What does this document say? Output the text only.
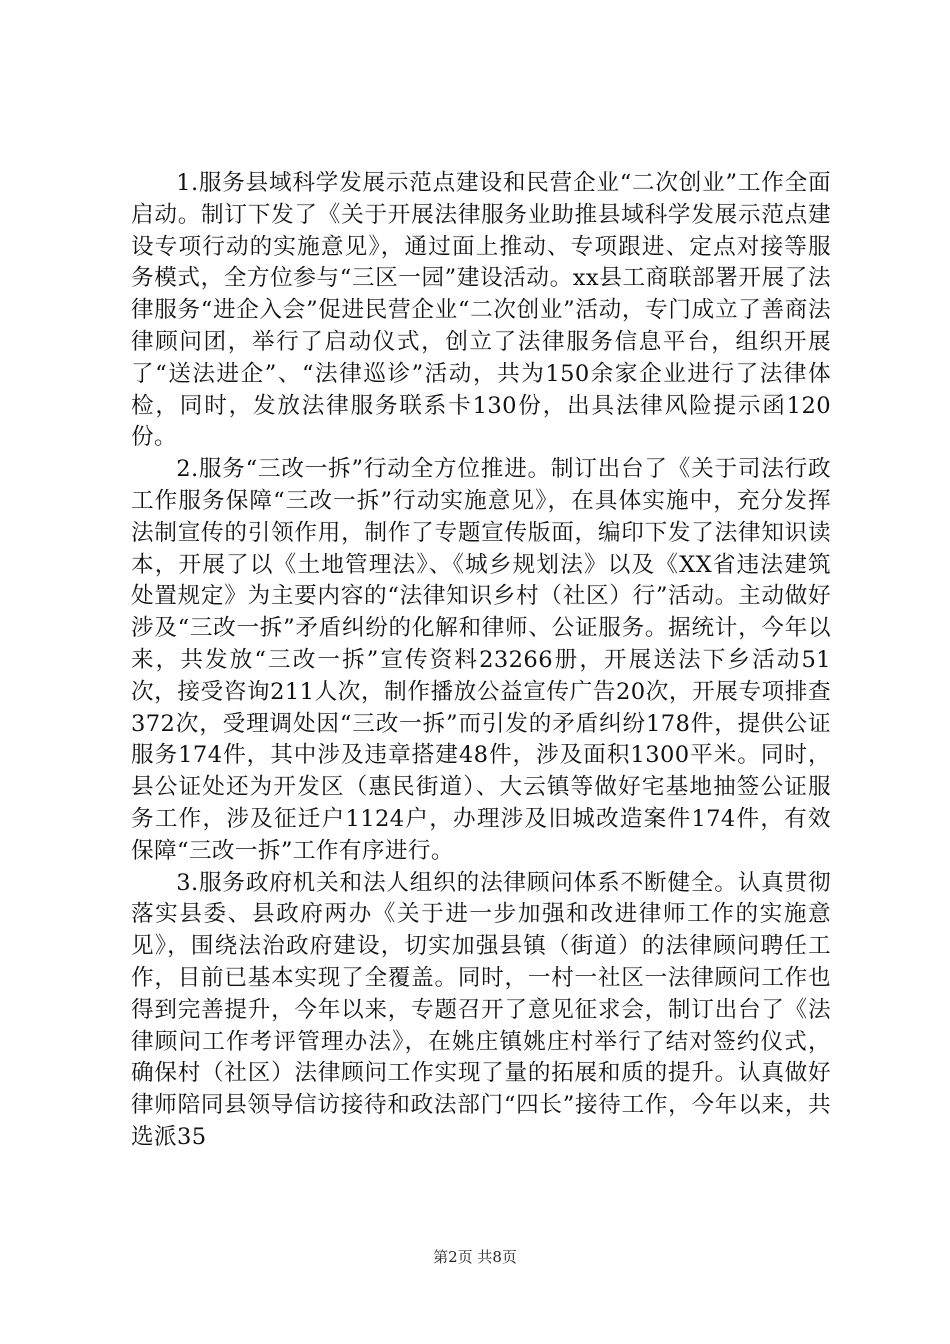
1.服务县域科学发展示范点建设和民营企业“二次创业”工作全面启动。制订下发了《关于开展法律服务业助推县域科学发展示范点建设专项行动的实施意见》，通过面上推动、专项跟进、定点对接等服务模式，全方位参与“三区一园”建设活动。xx县工商联部署开展了法律服务“进企入会”促进民营企业“二次创业”活动，专门成立了善商法律顾问团，举行了启动仪式，创立了法律服务信息平台，组织开展了“送法进企”、“法律巡诊”活动，共为150余家企业进行了法律体检，同时，发放法律服务联系卡130份，出具法律风险提示函120份。

2.服务“三改一拆”行动全方位推进。制订出台了《关于司法行政工作服务保障“三改一拆”行动实施意见》，在具体实施中，充分发挥法制宣传的引领作用，制作了专题宣传版面，编印下发了法律知识读本，开展了以《土地管理法》、《城乡规划法》以及《XX省违法建筑处置规定》为主要内容的“法律知识乡村（社区）行”活动。主动做好涉及“三改一拆”矛盾纠纷的化解和律师、公证服务。据统计，今年以来，共发放“三改一拆”宣传资料23266册，开展送法下乡活动51次，接受咨询211人次，制作播放公益宣传广告20次，开展专项排查372次，受理调处因“三改一拆”而引发的矛盾纠纷178件，提供公证服务174件，其中涉及违章搭建48件，涉及面积1300平米。同时，县公证处还为开发区（惠民街道）、大云镇等做好宅基地抽签公证服务工作，涉及征迁户1124户，办理涉及旧城改造案件174件，有效保障“三改一拆”工作有序进行。

3.服务政府机关和法人组织的法律顾问体系不断健全。认真贯彻落实县委、县政府两办《关于进一步加强和改进律师工作的实施意见》，围绕法治政府建设，切实加强县镇（街道）的法律顾问聘任工作，目前已基本实现了全覆盖。同时，一村一社区一法律顾问工作也得到完善提升，今年以来，专题召开了意见征求会，制订出台了《法律顾问工作考评管理办法》，在姚庄镇姚庄村举行了结对签约仪式，确保村（社区）法律顾问工作实现了量的拓展和质的提升。认真做好律师陪同县领导信访接待和政法部门“四长”接待工作，今年以来，共选派35

第2页 共8页
